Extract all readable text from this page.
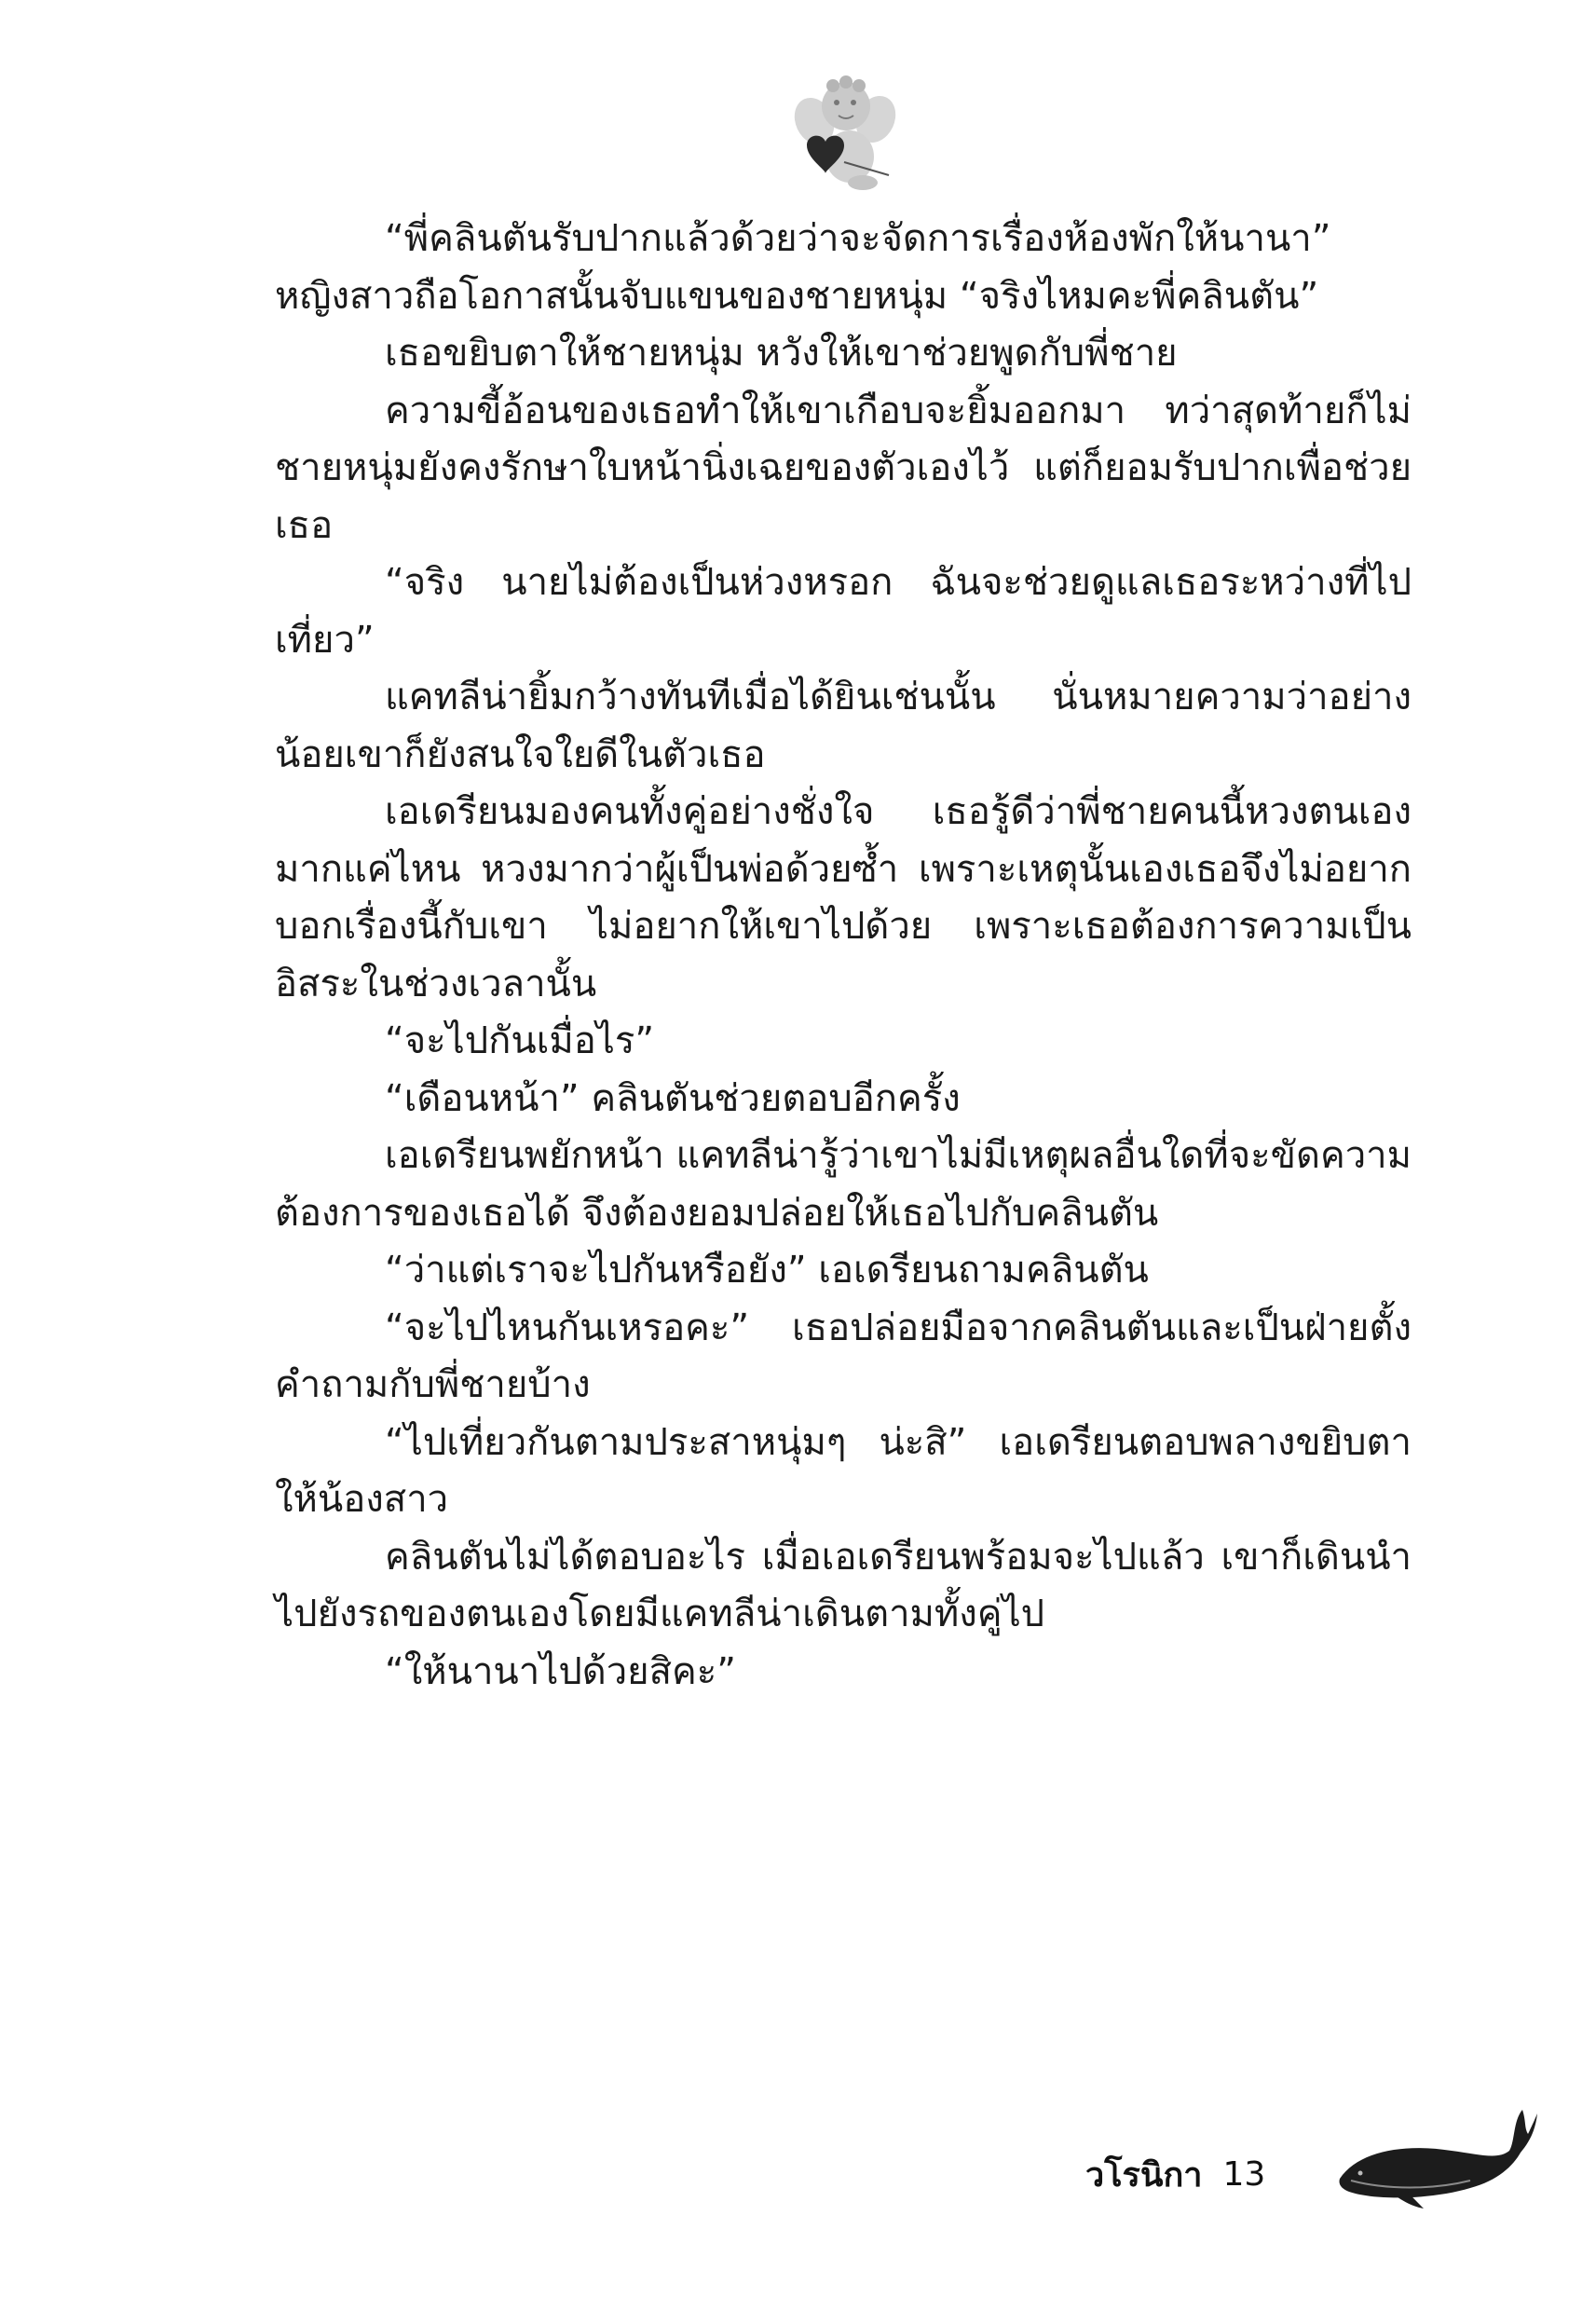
“พี่คลินตันรับปากแล้วด้วยว่าจะจัดการเรื่องห้องพักให้นานา” หญิงสาวถือโอกาสนั้นจับแขนของชายหนุ่ม “จริงไหมคะพี่คลินตัน”

เธอขยิบตาให้ชายหนุ่ม หวังให้เขาช่วยพูดกับพี่ชาย

ความขี้อ้อนของเธอทำให้เขาเกือบจะยิ้มออกมา ทว่าสุดท้ายก็ไม่ ชายหนุ่มยังคงรักษาใบหน้านิ่งเฉยของตัวเองไว้ แต่ก็ยอมรับปากเพื่อช่วยเธอ

“จริง นายไม่ต้องเป็นห่วงหรอก ฉันจะช่วยดูแลเธอระหว่างที่ไปเที่ยว”

แคทลีน่ายิ้มกว้างทันทีเมื่อได้ยินเช่นนั้น นั่นหมายความว่าอย่างน้อยเขาก็ยังสนใจใยดีในตัวเธอ

เอเดรียนมองคนทั้งคู่อย่างชั่งใจ เธอรู้ดีว่าพี่ชายคนนี้หวงตนเองมากแค่ไหน หวงมากว่าผู้เป็นพ่อด้วยซ้ำ เพราะเหตุนั้นเองเธอจึงไม่อยากบอกเรื่องนี้กับเขา ไม่อยากให้เขาไปด้วย เพราะเธอต้องการความเป็นอิสระในช่วงเวลานั้น

“จะไปกันเมื่อไร”

“เดือนหน้า” คลินตันช่วยตอบอีกครั้ง

เอเดรียนพยักหน้า แคทลีน่ารู้ว่าเขาไม่มีเหตุผลอื่นใดที่จะขัดความต้องการของเธอได้ จึงต้องยอมปล่อยให้เธอไปกับคลินตัน

“ว่าแต่เราจะไปกันหรือยัง” เอเดรียนถามคลินตัน

“จะไปไหนกันเหรอคะ” เธอปล่อยมือจากคลินตันและเป็นฝ่ายตั้งคำถามกับพี่ชายบ้าง

“ไปเที่ยวกันตามประสาหนุ่มๆ น่ะสิ” เอเดรียนตอบพลางขยิบตาให้น้องสาว

คลินตันไม่ได้ตอบอะไร เมื่อเอเดรียนพร้อมจะไปแล้ว เขาก็เดินนำไปยังรถของตนเองโดยมีแคทลีน่าเดินตามทั้งคู่ไป

“ให้นานาไปด้วยสิคะ”

วโรนิกา 13
